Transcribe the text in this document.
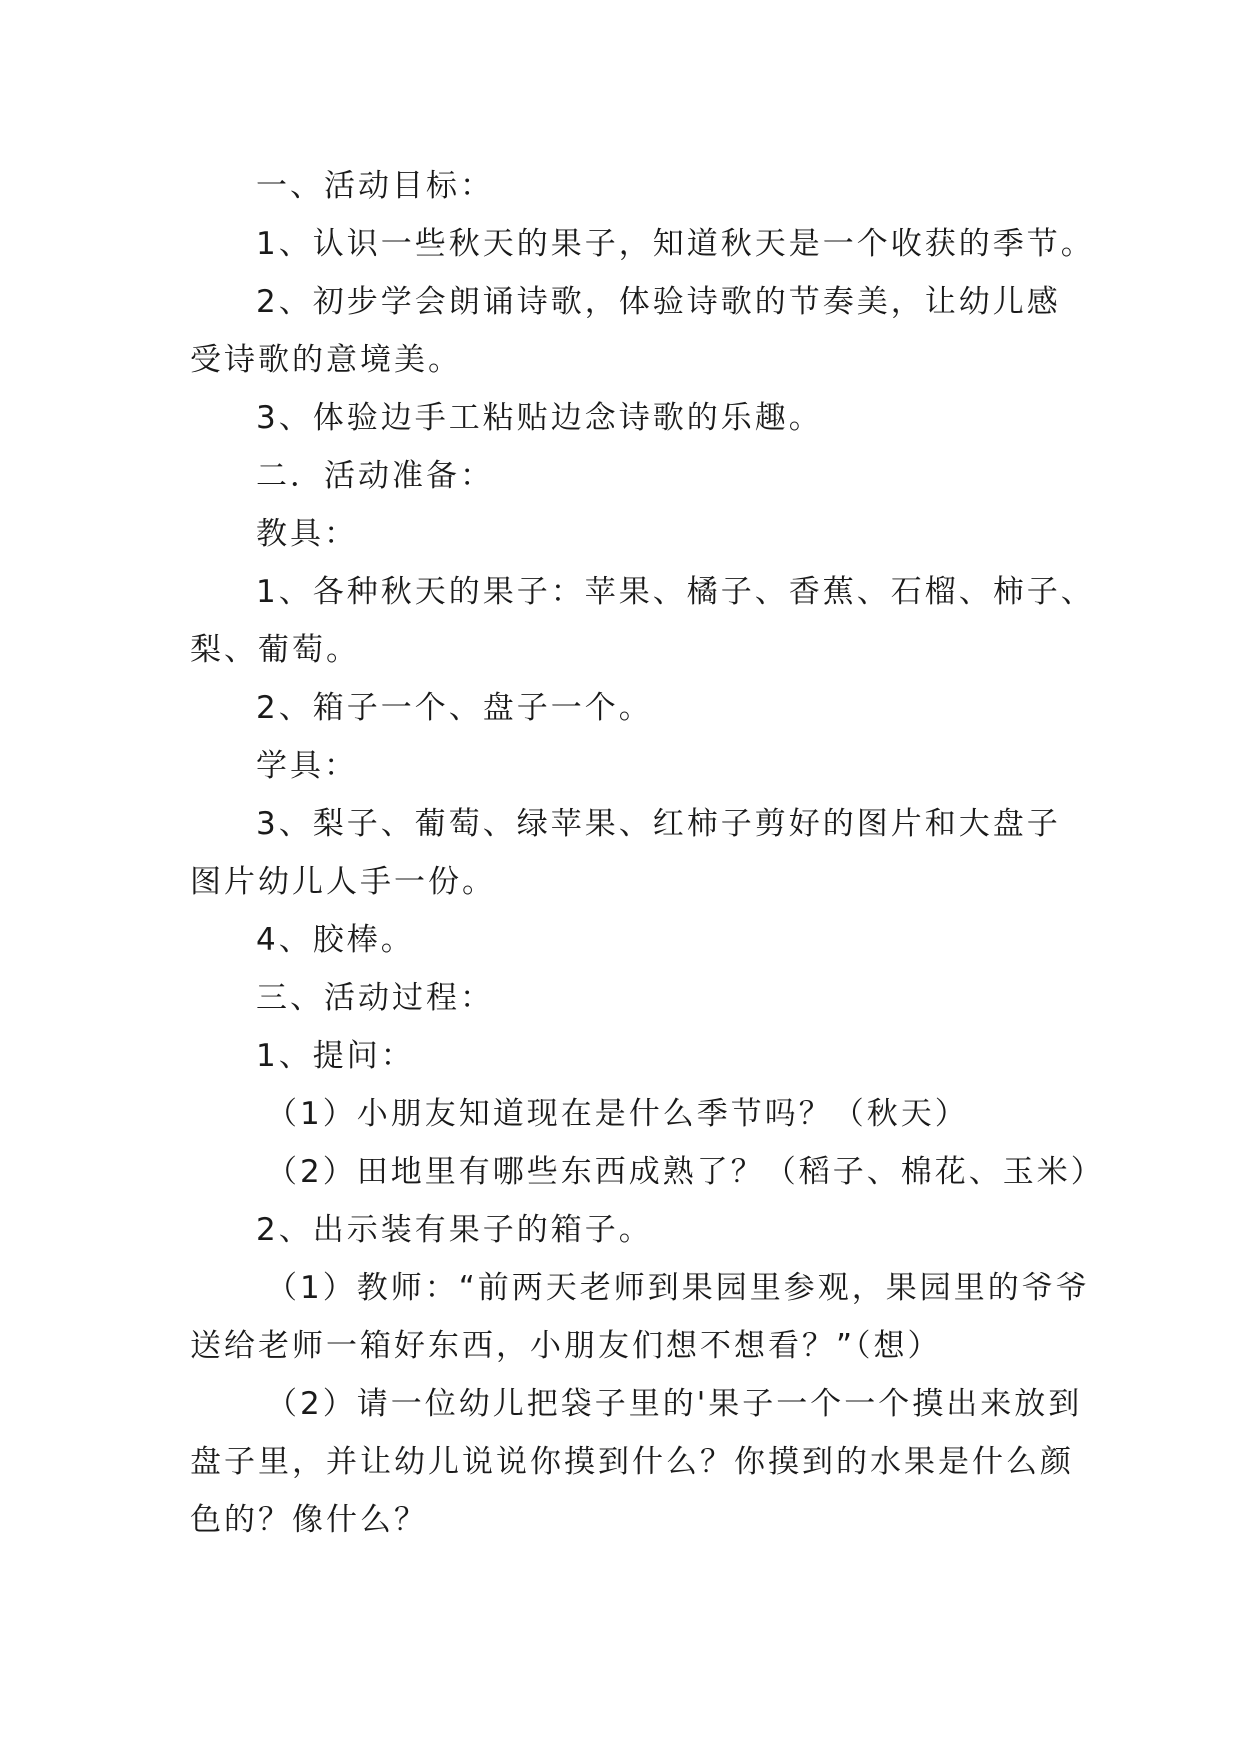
一、活动目标：
1、认识一些秋天的果子，知道秋天是一个收获的季节。
2、初步学会朗诵诗歌，体验诗歌的节奏美，让幼儿感
受诗歌的意境美。
3、体验边手工粘贴边念诗歌的乐趣。
二．活动准备：
教具：
1、各种秋天的果子：苹果、橘子、香蕉、石榴、柿子、
梨、葡萄。
2、箱子一个、盘子一个。
学具：
3、梨子、葡萄、绿苹果、红柿子剪好的图片和大盘子
图片幼儿人手一份。
4、胶棒。
三、活动过程：
1、提问：
（1）小朋友知道现在是什么季节吗？（秋天）
（2）田地里有哪些东西成熟了？（稻子、棉花、玉米）
2、出示装有果子的箱子。
（1）教师：“前两天老师到果园里参观，果园里的爷爷
送给老师一箱好东西，小朋友们想不想看？”（想）
（2）请一位幼儿把袋子里的'果子一个一个摸出来放到
盘子里，并让幼儿说说你摸到什么？你摸到的水果是什么颜
色的？像什么？
